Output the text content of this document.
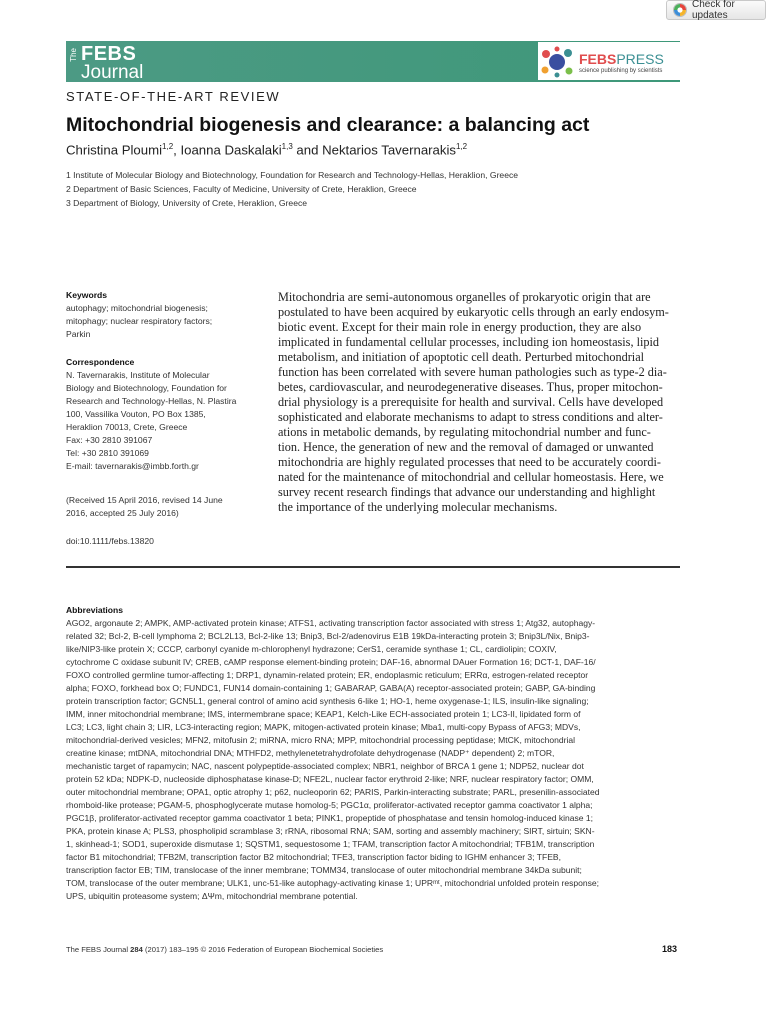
Check for updates
The FEBS
Journal
FEBSPRESS
science publishing by scientists
STATE-OF-THE-ART REVIEW
Mitochondrial biogenesis and clearance: a balancing act
Christina Ploumi$^{1,2}$, Ioanna Daskalaki$^{1,3}$ and Nektarios Tavernarakis$^{1,2}$
1 Institute of Molecular Biology and Biotechnology, Foundation for Research and Technology-Hellas, Heraklion, Greece
2 Department of Basic Sciences, Faculty of Medicine, University of Crete, Heraklion, Greece
3 Department of Biology, University of Crete, Heraklion, Greece
Keywords
autophagy; mitochondrial biogenesis;
mitophagy; nuclear respiratory factors;
Parkin
Correspondence
N. Tavernarakis, Institute of Molecular
Biology and Biotechnology, Foundation for
Research and Technology-Hellas, N. Plastira
100, Vassilika Vouton, PO Box 1385,
Heraklion 70013, Crete, Greece
Fax: +30 2810 391067
Tel: +30 2810 391069
E-mail: tavernarakis@imbb.forth.gr
(Received 15 April 2016, revised 14 June
2016, accepted 25 July 2016)
doi:10.1111/febs.13820
Mitochondria are semi-autonomous organelles of prokaryotic origin that are
postulated to have been acquired by eukaryotic cells through an early endosym-
biotic event. Except for their main role in energy production, they are also
implicated in fundamental cellular processes, including ion homeostasis, lipid
metabolism, and initiation of apoptotic cell death. Perturbed mitochondrial
function has been correlated with severe human pathologies such as type-2 dia-
betes, cardiovascular, and neurodegenerative diseases. Thus, proper mitochon-
drial physiology is a prerequisite for health and survival. Cells have developed
sophisticated and elaborate mechanisms to adapt to stress conditions and alter-
ations in metabolic demands, by regulating mitochondrial number and func-
tion. Hence, the generation of new and the removal of damaged or unwanted
mitochondria are highly regulated processes that need to be accurately coordi-
nated for the maintenance of mitochondrial and cellular homeostasis. Here, we
survey recent research findings that advance our understanding and highlight
the importance of the underlying molecular mechanisms.
Abbreviations
AGO2, argonaute 2; AMPK, AMP-activated protein kinase; ATFS1, activating transcription factor associated with stress 1; Atg32, autophagy-
related 32; Bcl-2, B-cell lymphoma 2; BCL2L13, Bcl-2-like 13; Bnip3, Bcl-2/adenovirus E1B 19kDa-interacting protein 3; Bnip3L/Nix, Bnip3-
like/NIP3-like protein X; CCCP, carbonyl cyanide m-chlorophenyl hydrazone; CerS1, ceramide synthase 1; CL, cardiolipin; COXIV,
cytochrome C oxidase subunit IV; CREB, cAMP response element-binding protein; DAF-16, abnormal DAuer Formation 16; DCT-1, DAF-16/
FOXO controlled germline tumor-affecting 1; DRP1, dynamin-related protein; ER, endoplasmic reticulum; ERRα, estrogen-related receptor
alpha; FOXO, forkhead box O; FUNDC1, FUN14 domain-containing 1; GABARAP, GABA(A) receptor-associated protein; GABP, GA-binding
protein transcription factor; GCN5L1, general control of amino acid synthesis 6-like 1; HO-1, heme oxygenase-1; ILS, insulin-like signaling;
IMM, inner mitochondrial membrane; IMS, intermembrane space; KEAP1, Kelch-Like ECH-associated protein 1; LC3-II, lipidated form of
LC3; LC3, light chain 3; LIR, LC3-interacting region; MAPK, mitogen-activated protein kinase; Mba1, multi-copy Bypass of AFG3; MDVs,
mitochondrial-derived vesicles; MFN2, mitofusin 2; miRNA, micro RNA; MPP, mitochondrial processing peptidase; MtCK, mitochondrial
creatine kinase; mtDNA, mitochondrial DNA; MTHFD2, methylenetetrahydrofolate dehydrogenase (NADP⁺ dependent) 2; mTOR,
mechanistic target of rapamycin; NAC, nascent polypeptide-associated complex; NBR1, neighbor of BRCA 1 gene 1; NDP52, nuclear dot
protein 52 kDa; NDPK-D, nucleoside diphosphatase kinase-D; NFE2L, nuclear factor erythroid 2-like; NRF, nuclear respiratory factor; OMM,
outer mitochondrial membrane; OPA1, optic atrophy 1; p62, nucleoporin 62; PARIS, Parkin-interacting substrate; PARL, presenilin-associated
rhomboid-like protease; PGAM-5, phosphoglycerate mutase homolog-5; PGC1α, proliferator-activated receptor gamma coactivator 1 alpha;
PGC1β, proliferator-activated receptor gamma coactivator 1 beta; PINK1, propeptide of phosphatase and tensin homolog-induced kinase 1;
PKA, protein kinase A; PLS3, phospholipid scramblase 3; rRNA, ribosomal RNA; SAM, sorting and assembly machinery; SIRT, sirtuin; SKN-
1, skinhead-1; SOD1, superoxide dismutase 1; SQSTM1, sequestosome 1; TFAM, transcription factor A mitochondrial; TFB1M, transcription
factor B1 mitochondrial; TFB2M, transcription factor B2 mitochondrial; TFE3, transcription factor biding to IGHM enhancer 3; TFEB,
transcription factor EB; TIM, translocase of the inner membrane; TOMM34, translocase of outer mitochondrial membrane 34kDa subunit;
TOM, translocase of the outer membrane; ULK1, unc-51-like autophagy-activating kinase 1; UPRᵐᵗ, mitochondrial unfolded protein response;
UPS, ubiquitin proteasome system; ΔΨm, mitochondrial membrane potential.
The FEBS Journal 284 (2017) 183–195 © 2016 Federation of European Biochemical Societies	183
